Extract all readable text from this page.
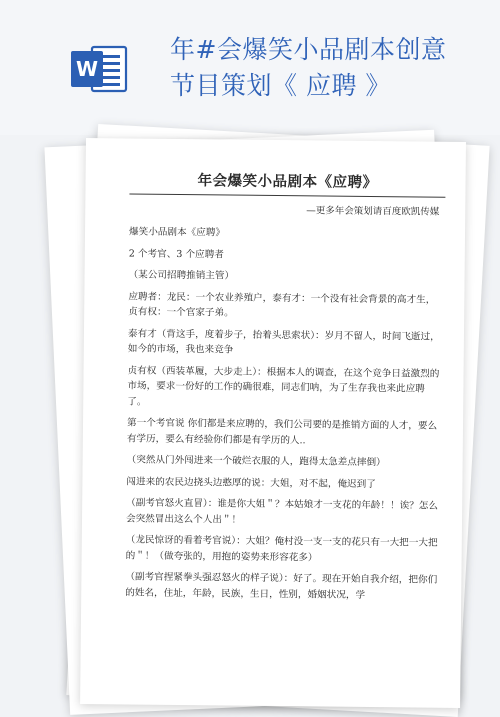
W
年#会爆笑小品剧本创意节目策划《 应聘 》
年会爆笑小品剧本《应聘》
—更多年会策划请百度欧凯传媒

爆笑小品剧本《应聘》

2 个考官、3 个应聘者

（某公司招聘推销主管）

应聘者：龙民：一个农业养殖户，泰有才：一个没有社会背景的高才生，贞有权：一个官家子弟。

泰有才（背这手，度着步子，抬着头思索状）：岁月不留人，时间飞逝过，如今的市场，我也来竞争

贞有权（西装革履，大步走上）：根据本人的调查，在这个竞争日益激烈的市场，要求一份好的工作的确很难，同志们呐，为了生存我也来此应聘了。

第一个考官说 你们都是来应聘的，我们公司要的是推销方面的人才，要么有学历，要么有经验你们都是有学历的人..

（突然从门外闯进来一个破烂衣服的人，跑得太急差点摔倒）

闯进来的农民边挠头边憨厚的说：大姐，对不起，俺迟到了

（副考官怒火直冒）：谁是你大姐＂？本姑娘才一支花的年龄！！诶？怎么会突然冒出这么个人出＂！

（龙民惊讶的看着考官说）：大姐？俺村没一支一支的花只有一大把一大把的＂！（做夸张的，用抱的姿势来形容花多）

（副考官捏紧拳头强忍怒火的样子说）：好了。现在开始自我介绍，把你们的姓名，住址，年龄，民族，生日，性别，婚姻状况，学
